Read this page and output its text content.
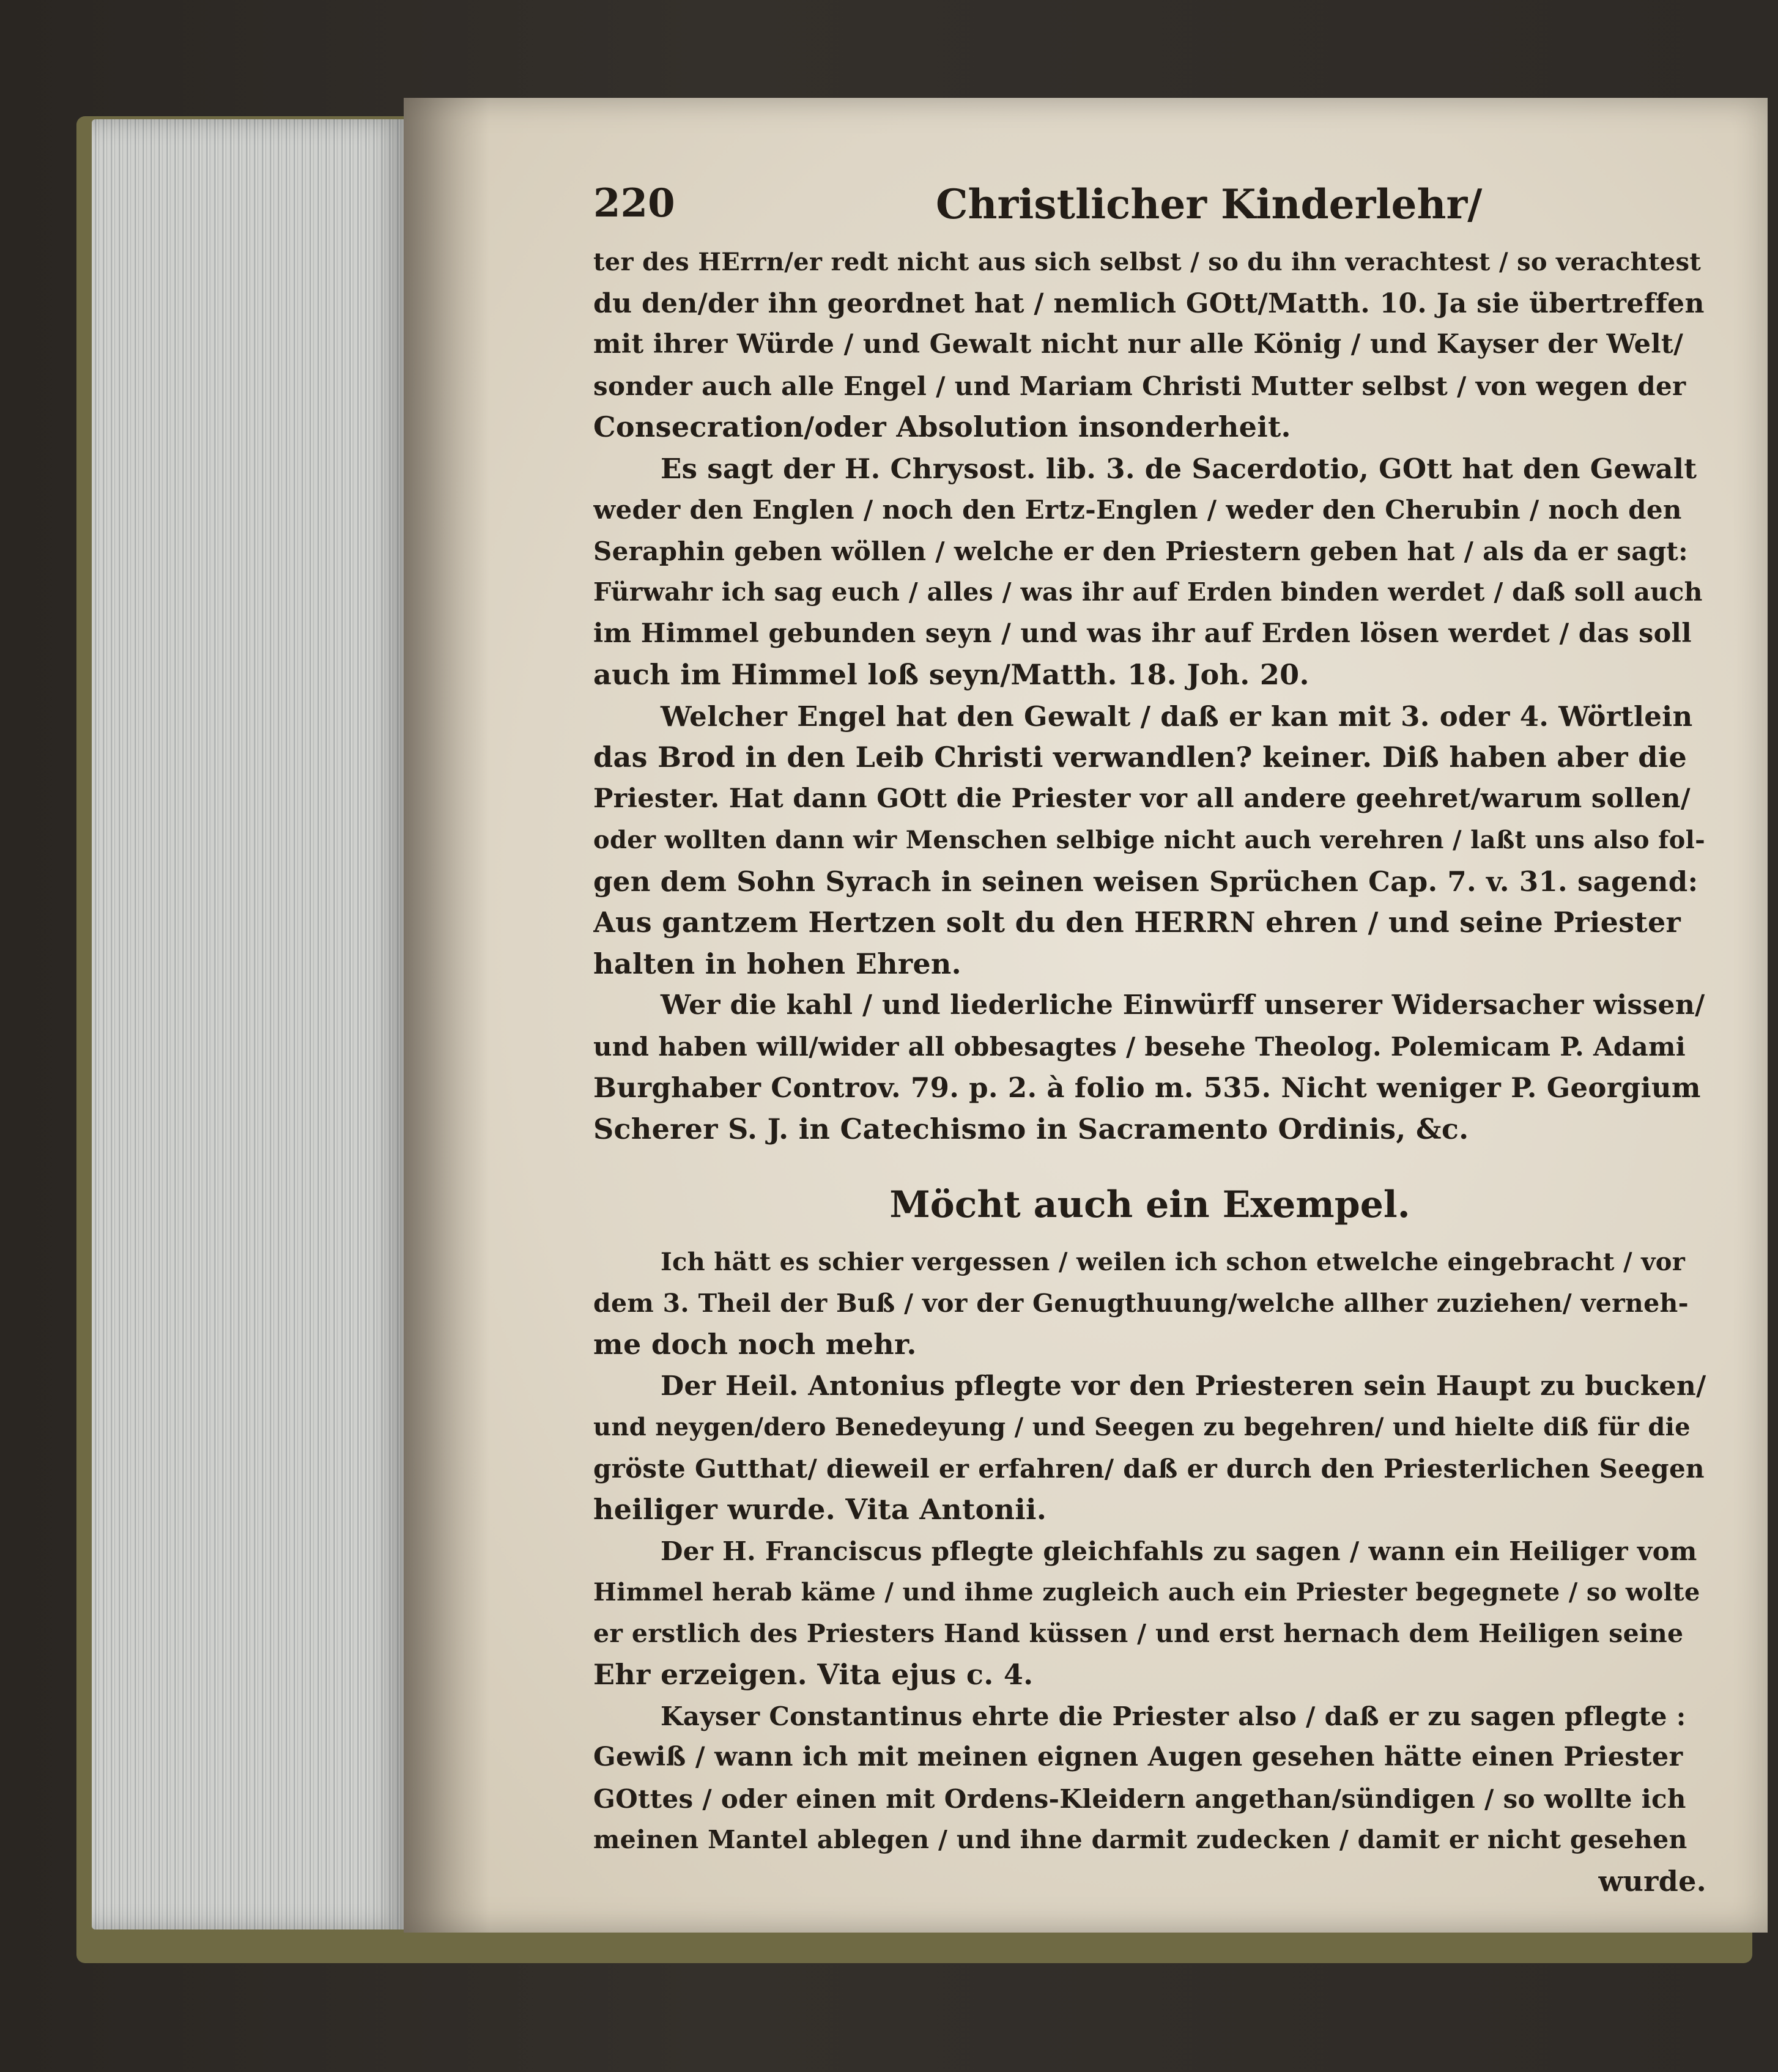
220	Christlicher Kinderlehr/
ter des HErrn/er redt nicht aus sich selbst / so du ihn verachtest / so verachtest
du den/der ihn geordnet hat / nemlich GOtt/Matth. 10. Ja sie übertreffen
mit ihrer Würde / und Gewalt nicht nur alle König / und Kayser der Welt/
sonder auch alle Engel / und Mariam Christi Mutter selbst / von wegen der
Consecration/oder Absolution insonderheit.
Es sagt der H. Chrysost. lib. 3. de Sacerdotio, GOtt hat den Gewalt
weder den Englen / noch den Ertz-Englen / weder den Cherubin / noch den
Seraphin geben wöllen / welche er den Priestern geben hat / als da er sagt:
Fürwahr ich sag euch / alles / was ihr auf Erden binden werdet / daß soll auch
im Himmel gebunden seyn / und was ihr auf Erden lösen werdet / das soll
auch im Himmel loß seyn/Matth. 18. Joh. 20.
Welcher Engel hat den Gewalt / daß er kan mit 3. oder 4. Wörtlein
das Brod in den Leib Christi verwandlen? keiner. Diß haben aber die
Priester. Hat dann GOtt die Priester vor all andere geehret/warum sollen/
oder wollten dann wir Menschen selbige nicht auch verehren / laßt uns also fol-
gen dem Sohn Syrach in seinen weisen Sprüchen Cap. 7. v. 31. sagend:
Aus gantzem Hertzen solt du den HERRN ehren / und seine Priester
halten in hohen Ehren.
Wer die kahl / und liederliche Einwürff unserer Widersacher wissen/
und haben will/wider all obbesagtes / besehe Theolog. Polemicam P. Adami
Burghaber Controv. 79. p. 2. à folio m. 535. Nicht weniger P. Georgium
Scherer S. J. in Catechismo in Sacramento Ordinis, &c.
Möcht auch ein Exempel.
Ich hätt es schier vergessen / weilen ich schon etwelche eingebracht / vor
dem 3. Theil der Buß / vor der Genugthuung/welche allher zuziehen/ verneh-
me doch noch mehr.
Der Heil. Antonius pflegte vor den Priesteren sein Haupt zu bucken/
und neygen/dero Benedeyung / und Seegen zu begehren/ und hielte diß für die
gröste Gutthat/ dieweil er erfahren/ daß er durch den Priesterlichen Seegen
heiliger wurde. Vita Antonii.
Der H. Franciscus pflegte gleichfahls zu sagen / wann ein Heiliger vom
Himmel herab käme / und ihme zugleich auch ein Priester begegnete / so wolte
er erstlich des Priesters Hand küssen / und erst hernach dem Heiligen seine
Ehr erzeigen. Vita ejus c. 4.
Kayser Constantinus ehrte die Priester also / daß er zu sagen pflegte :
Gewiß / wann ich mit meinen eignen Augen gesehen hätte einen Priester
GOttes / oder einen mit Ordens-Kleidern angethan/sündigen / so wollte ich
meinen Mantel ablegen / und ihne darmit zudecken / damit er nicht gesehen
wurde.
